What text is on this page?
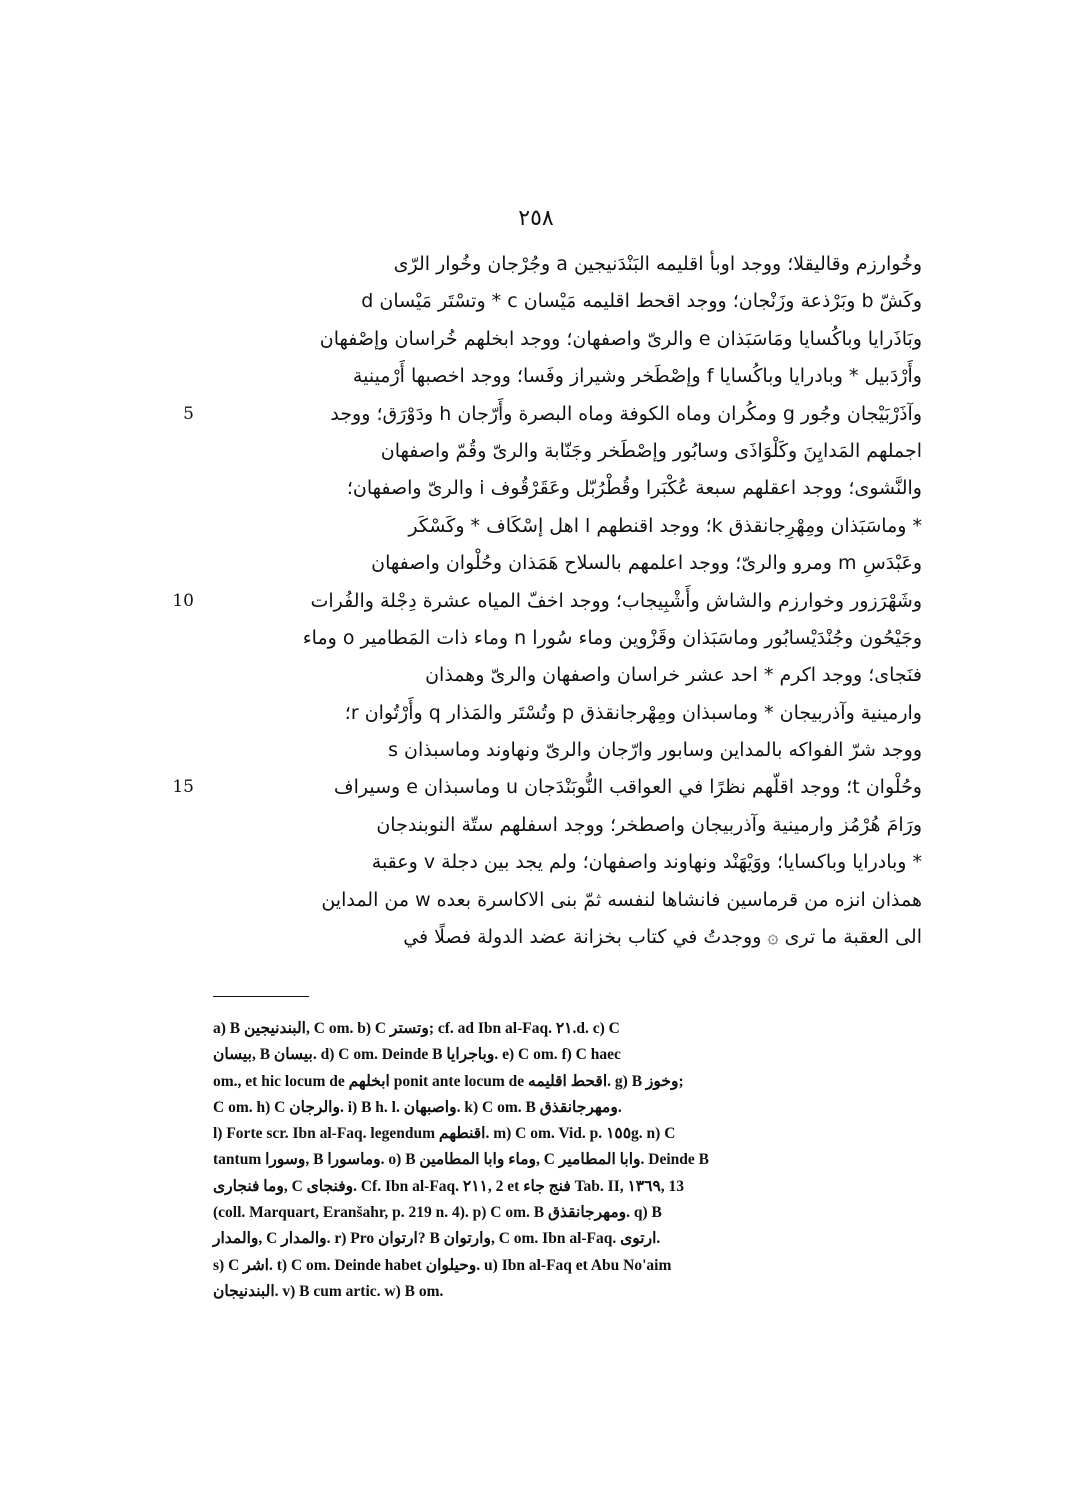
٢٥٨
وخُوارزم وقاليقلا؛ ووجد اوبأ اقليمه البَنْدَنيجين a وجُرْجان وخُوار الرّى
وكَشّ b وبَرْذعة وزَنْجان؛ ووجد اقحط اقليمه مَيْسان c * وتسْتَر مَيْسان d
وبَاذَرايا وباكُسايا ومَاسَبَذان e والرىّ واصفهان؛ ووجد ابخلهم خُراسان وإصْفهان
وأَرْدَبيل * وبادرايا وباكُسايا f وإصْطَخر وشيراز وفَسا؛ ووجد اخصبها أَرْمينية
وآذَرْبَيْجان وجُور g ومكُران وماه الكوفة وماه البصرة وأَرّجان h ودَوْرَق؛ ووجد
5
اجملهم المَدايِنَ وكَلْوَاذَى وسابُور وإصْطَخر وجَنّابة والرىّ وقُمّ واصفهان
والنَّشوى؛ ووجد اعقلهم سبعة عُكْبَرا وقُطْرُبّل وعَقَرْقُوف i والرىّ واصفهان؛
* وماسَبَذان ومِهْرِجانقذق k؛ ووجد اقنطهم l اهل إسْكَاف * وكَسْكَر
وعَبْدَسِ m ومرو والرىّ؛ ووجد اعلمهم بالسلاح هَمَذان وحُلْوان واصفهان
وشَهْرَزور وخوارزم والشاش وأَشْبِيجاب؛ ووجد اخفّ المياه عشرة دِجْلة والفُرات
10
وجَيْحُون وجُنْدَيْسابُور وماسَبَذان وقَزْوين وماء سُورا n وماء ذات المَطامير o وماء
فنَجاى؛ ووجد اكرم * احد عشر خراسان واصفهان والرىّ وهمذان
وارمينية وآذربيجان * وماسبذان ومِهْرجانقذق p وتُسْتَر والمَذار q وأَرْتُوان r؛
ووجد شرّ الفواكه بالمداين وسابور وارّجان والرىّ ونهاوند وماسبذان s
وحُلْوان t؛ ووجد اقلّهم نظرًا في العواقب النُّوبَنْدَجان u وماسبذان e وسيراف
15
ورَامَ هُرْمُز وارمينية وآذربيجان واصطخر؛ ووجد اسفلهم ستّة النوبندجان
* وبادرايا وباكسايا؛ ووَيْهَنْد ونهاوند واصفهان؛ ولم يجد بين دجلة v وعقبة
همذان انزه من قرماسين فانشاها لنفسه ثمّ بنى الاكاسرة بعده w من المداين
الى العقبة ما ترى ۞ ووجدتُ في كتاب بخزانة عضد الدولة فصلًا في
a) B البندنيجين, C om. b) C وتستر; cf. ad Ibn al-Faq. ٢١.d. c) C
بيسان, B بيسان. d) C om. Deinde B وباجرايا. e) C om. f) C haec
om., et hic locum de ابخلهم ponit ante locum de اقحط اقليمه. g) B وخوز;
C om. h) C والرجان. i) B h. l. واصبهان. k) C om. B ومهرجانقذق.
l) Forte scr. Ibn al-Faq. legendum اقنطهم. m) C om. Vid. p. ١٥٥g. n) C
tantum وسورا, B وماسورا. o) B وماء وابا المطامين, C وابا المطامير. Deinde B
وما فنجارى, C وفنجاى. Cf. Ibn al-Faq. ٢١١, 2 et فنج جاء Tab. II, ١٣٦٩, 13
(coll. Marquart, Eranšahr, p. 219 n. 4). p) C om. B ومهرجانقذق. q) B
والمدار, C والمدار. r) Pro ارتوان? B وارتوان, C om. Ibn al-Faq. ارتوى.
s) C اشر. t) C om. Deinde habet وحيلوان. u) Ibn al-Faq et Abu No'aim
البندنيجان. v) B cum artic. w) B om.
